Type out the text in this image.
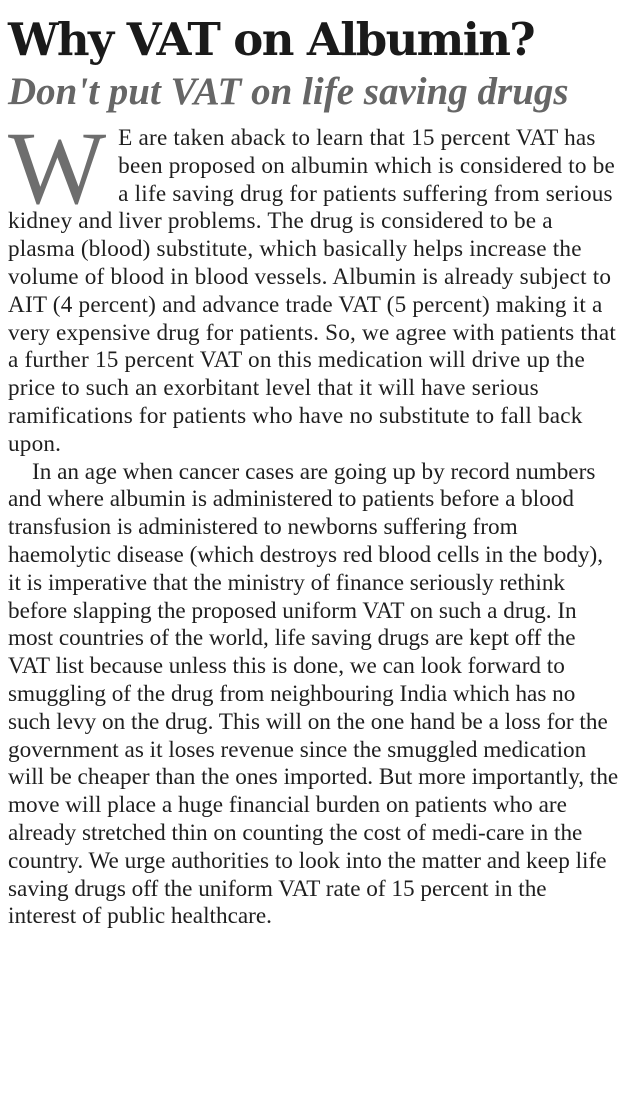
Why VAT on Albumin?
Don't put VAT on life saving drugs

W E are taken aback to learn that 15 percent VAT has been proposed on albumin which is considered to be a life saving drug for patients suffering from serious kidney and liver problems. The drug is considered to be a plasma (blood) substitute, which basically helps increase the volume of blood in blood vessels. Albumin is already subject to AIT (4 percent) and advance trade VAT (5 percent) making it a very expensive drug for patients. So, we agree with patients that a further 15 percent VAT on this medication will drive up the price to such an exorbitant level that it will have serious ramifications for patients who have no substitute to fall back upon.

In an age when cancer cases are going up by record numbers and where albumin is administered to patients before a blood transfusion is administered to newborns suffering from haemolytic disease (which destroys red blood cells in the body), it is imperative that the ministry of finance seriously rethink before slapping the proposed uniform VAT on such a drug. In most countries of the world, life saving drugs are kept off the VAT list because unless this is done, we can look forward to smuggling of the drug from neighbouring India which has no such levy on the drug. This will on the one hand be a loss for the government as it loses revenue since the smuggled medication will be cheaper than the ones imported. But more importantly, the move will place a huge financial burden on patients who are already stretched thin on counting the cost of medi-care in the country. We urge authorities to look into the matter and keep life saving drugs off the uniform VAT rate of 15 percent in the interest of public healthcare.
